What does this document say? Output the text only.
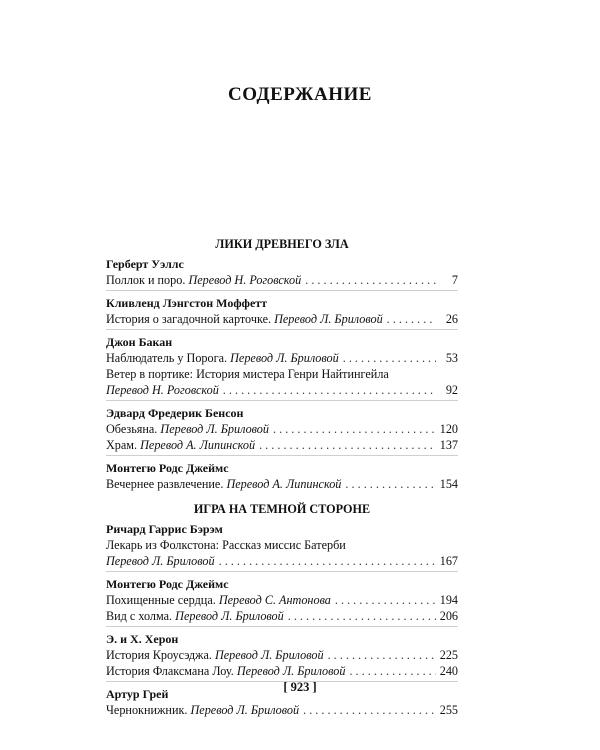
СОДЕРЖАНИЕ
ЛИКИ ДРЕВНЕГО ЗЛА
Герберт Уэллс
Поллок и поро. Перевод Н. Роговской . . .	7
Кливленд Лэнгстон Моффетт
История о загадочной карточке. Перевод Л. Бриловой . . .	26
Джон Бакан
Наблюдатель у Порога. Перевод Л. Бриловой . . .	53
Ветер в портике: История мистера Генри Найтингейла
Перевод Н. Роговской . . .	92
Эдвард Фредерик Бенсон
Обезьяна. Перевод Л. Бриловой . . .	120
Храм. Перевод А. Липинской . . .	137
Монтегю Родс Джеймс
Вечернее развлечение. Перевод А. Липинской . . .	154
ИГРА НА ТЕМНОЙ СТОРОНЕ
Ричард Гаррис Бэрэм
Лекарь из Фолкстона: Рассказ миссис Батерби
Перевод Л. Бриловой . . .	167
Монтегю Родс Джеймс
Похищенные сердца. Перевод С. Антонова . . .	194
Вид с холма. Перевод Л. Бриловой . . .	206
Э. и Х. Херон
История Кроусэджа. Перевод Л. Бриловой . . .	225
История Флаксмана Лоу. Перевод Л. Бриловой . . .	240
Артур Грей
Чернокнижник. Перевод Л. Бриловой . . .	255
[ 923 ]
